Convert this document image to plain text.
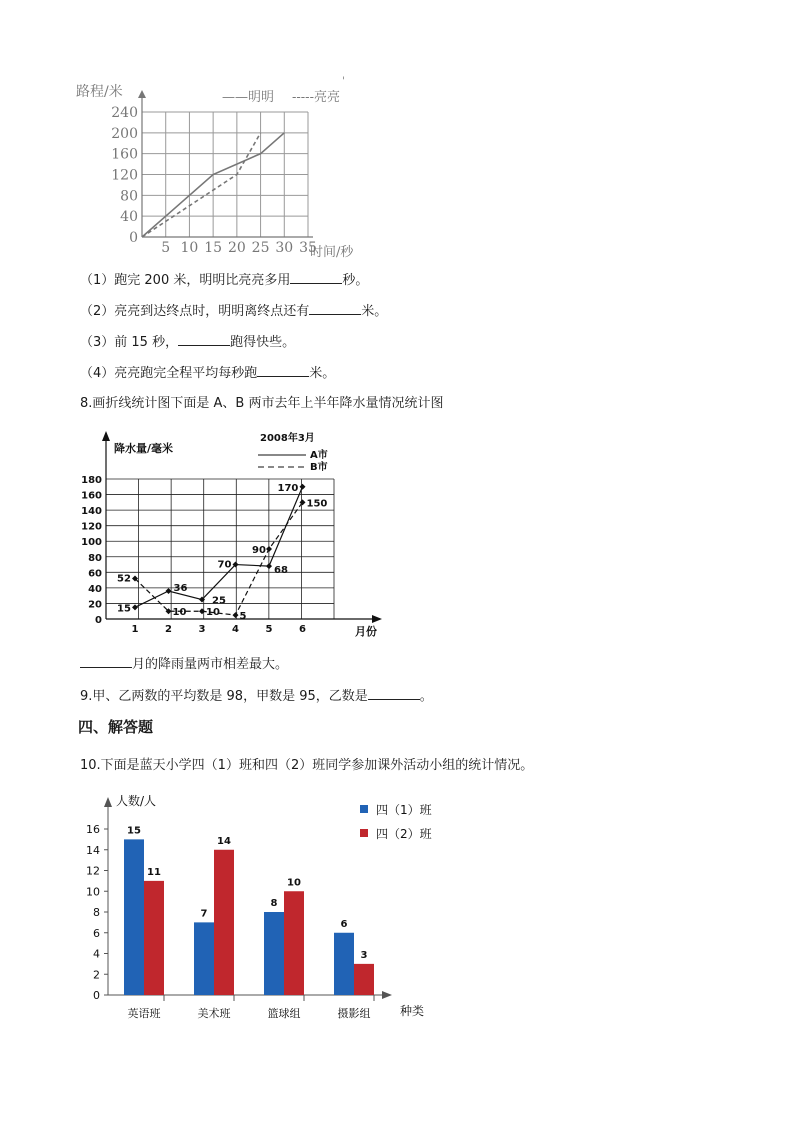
5 10 15 20 25 30 35
0
40
80
120
160
200
240
路程/米
时间/秒
——明明 -----亮亮
'
（1）跑完 200 米，明明比亮亮多用	秒。
（2）亮亮到达终点时，明明离终点还有	米。
（3）前 15 秒，	跑得快些。
（4）亮亮跑完全程平均每秒跑	米。
8.画折线统计图下面是 A、B 两市去年上半年降水量情况统计图
0
20
40
60
80
100
120
140
160
180
1	2	3	4	5	6
52
15
36
10 10
25
70
5
90
68
170
150
降水量/毫米
月份
2008年3月
A市
B市
月的降雨量两市相差最大。
9.甲、乙两数的平均数是 98，甲数是 95，乙数是	。
四、解答题
10.下面是蓝天小学四（1）班和四（2）班同学参加课外活动小组的统计情况。
0
2
4
6
8
10
12
14
16
英语班	美术班	篮球组	摄影组
15
11
7
14
8
10
6
3
人数/人
种类
四（1）班
四（2）班
